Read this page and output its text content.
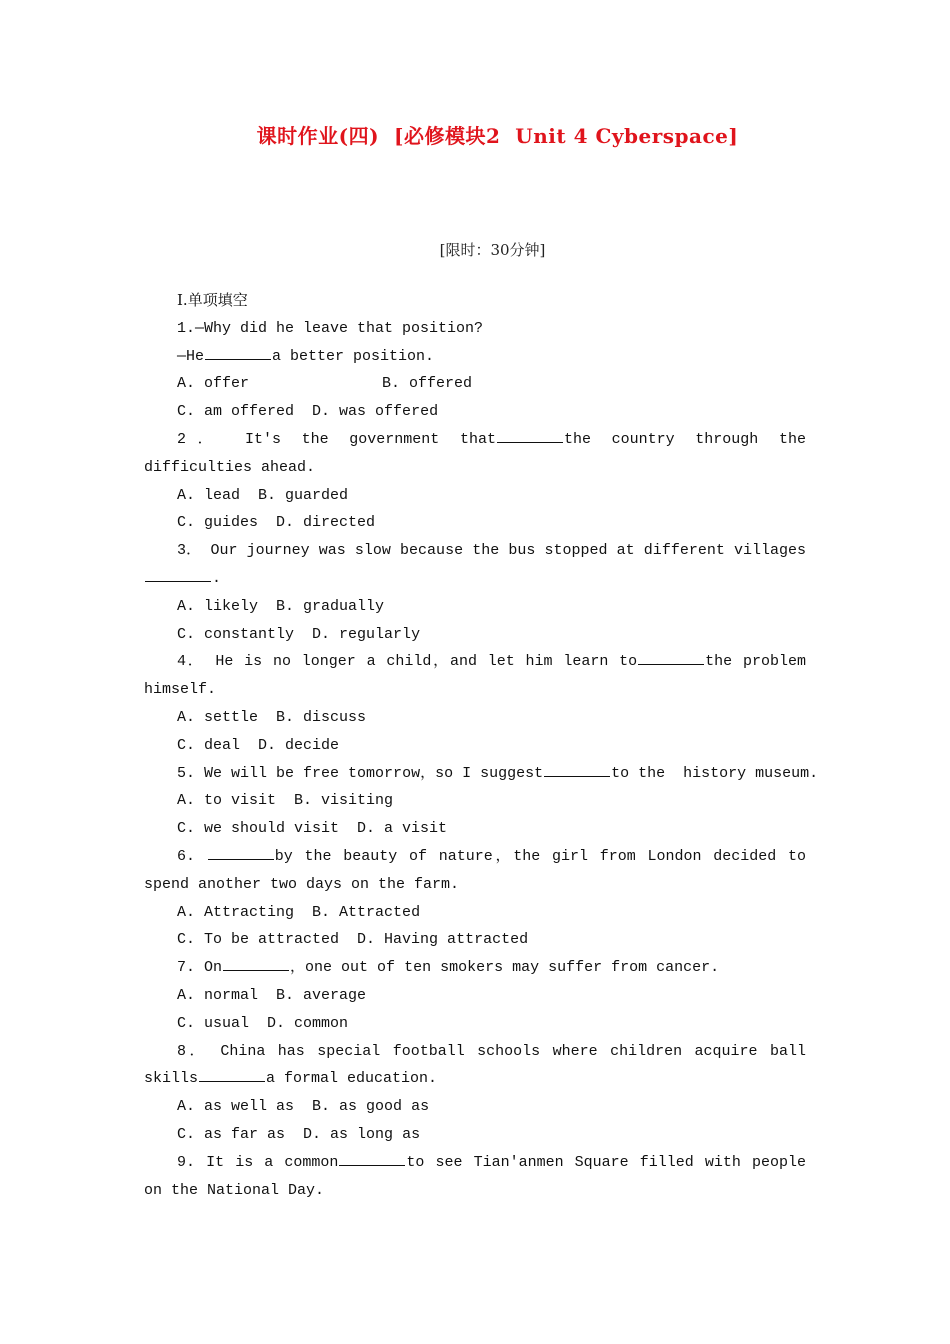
课时作业(四)  [必修模块2  Unit 4 Cyberspace]
[限时：30分钟]
Ⅰ.单项填空
1.—Why did he leave that position?
—He	a better position.
A. offer	B. offered
C. am offered D. was offered
2． It's the government that	the country through the difficulties ahead.
A. lead B. guarded
C. guides D. directed
3． Our journey was slow because the bus stopped at different villages.
A. likely B. gradually
C. constantly D. regularly
4． He is no longer a child，and let him learn to	the problem himself.
A. settle B. discuss
C. deal D. decide
5. We will be free tomorrow，so I suggest	to the  history museum.
A. to visit B. visiting
C. we should visit D. a visit
6.	by the beauty of nature，the girl from London decided to spend another two days on the farm.
A. Attracting B. Attracted
C. To be attracted D. Having attracted
7. On	，one out of ten smokers may suffer from cancer.
A. normal B. average
C. usual D. common
8． China has special football schools where children acquire ball skills	a formal education.
A. as well as B. as good as
C. as far as D. as long as
9. It is a common	to see Tian'anmen Square filled with people on the National Day.
